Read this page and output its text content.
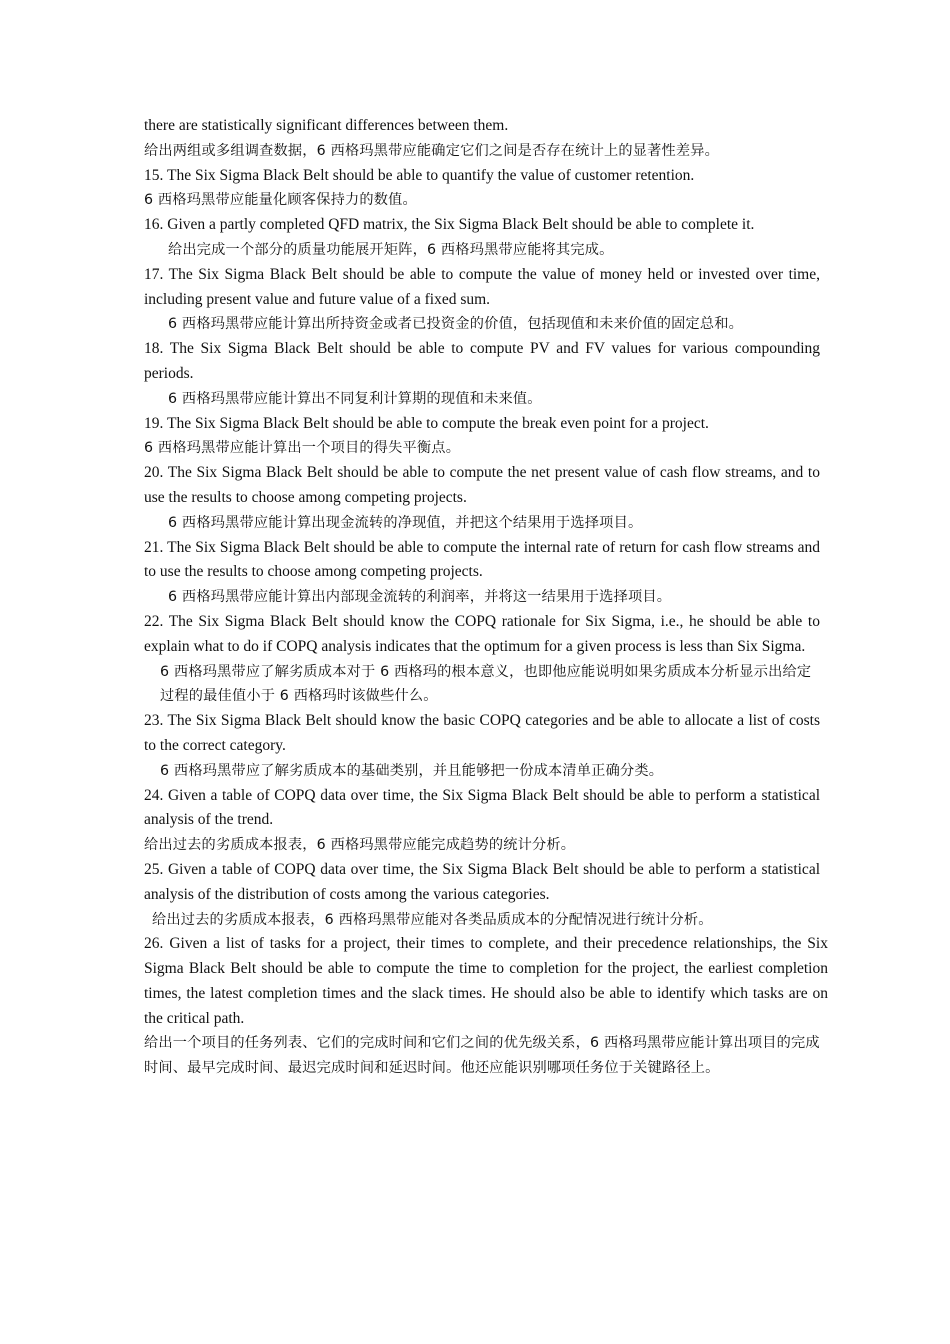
there are statistically significant differences between them.

给出两组或多组调查数据，6 西格玛黑带应能确定它们之间是否存在统计上的显著性差异。

15. The Six Sigma Black Belt should be able to quantify the value of customer retention.

6 西格玛黑带应能量化顾客保持力的数值。

16. Given a partly completed QFD matrix, the Six Sigma Black Belt should be able to complete it.

给出完成一个部分的质量功能展开矩阵，6 西格玛黑带应能将其完成。

17. The Six Sigma Black Belt should be able to compute the value of money held or invested over time, including present value and future value of a fixed sum.

6 西格玛黑带应能计算出所持资金或者已投资金的价值，包括现值和未来价值的固定总和。

18. The Six Sigma Black Belt should be able to compute PV and FV values for various compounding periods.

6 西格玛黑带应能计算出不同复利计算期的现值和未来值。

19. The Six Sigma Black Belt should be able to compute the break even point for a project.

6 西格玛黑带应能计算出一个项目的得失平衡点。

20. The Six Sigma Black Belt should be able to compute the net present value of cash flow streams, and to use the results to choose among competing projects.

6 西格玛黑带应能计算出现金流转的净现值，并把这个结果用于选择项目。

21. The Six Sigma Black Belt should be able to compute the internal rate of return for cash flow streams and to use the results to choose among competing projects.

6 西格玛黑带应能计算出内部现金流转的利润率，并将这一结果用于选择项目。

22. The Six Sigma Black Belt should know the COPQ rationale for Six Sigma, i.e., he should be able to explain what to do if COPQ analysis indicates that the optimum for a given process is less than Six Sigma.

6 西格玛黑带应了解劣质成本对于 6 西格玛的根本意义，也即他应能说明如果劣质成本分析显示出给定过程的最佳值小于 6 西格玛时该做些什么。

23. The Six Sigma Black Belt should know the basic COPQ categories and be able to allocate a list of costs to the correct category.

6 西格玛黑带应了解劣质成本的基础类别，并且能够把一份成本清单正确分类。

24. Given a table of COPQ data over time, the Six Sigma Black Belt should be able to perform a statistical analysis of the trend.

给出过去的劣质成本报表，6 西格玛黑带应能完成趋势的统计分析。

25. Given a table of COPQ data over time, the Six Sigma Black Belt should be able to perform a statistical analysis of the distribution of costs among the various categories.

给出过去的劣质成本报表，6 西格玛黑带应能对各类品质成本的分配情况进行统计分析。

26. Given a list of tasks for a project, their times to complete, and their precedence relationships, the Six Sigma Black Belt should be able to compute the time to completion for the project, the earliest completion times, the latest completion times and the slack times. He should also be able to identify which tasks are on the critical path.

给出一个项目的任务列表、它们的完成时间和它们之间的优先级关系，6 西格玛黑带应能计算出项目的完成时间、最早完成时间、最迟完成时间和延迟时间。他还应能识别哪项任务位于关键路径上。
